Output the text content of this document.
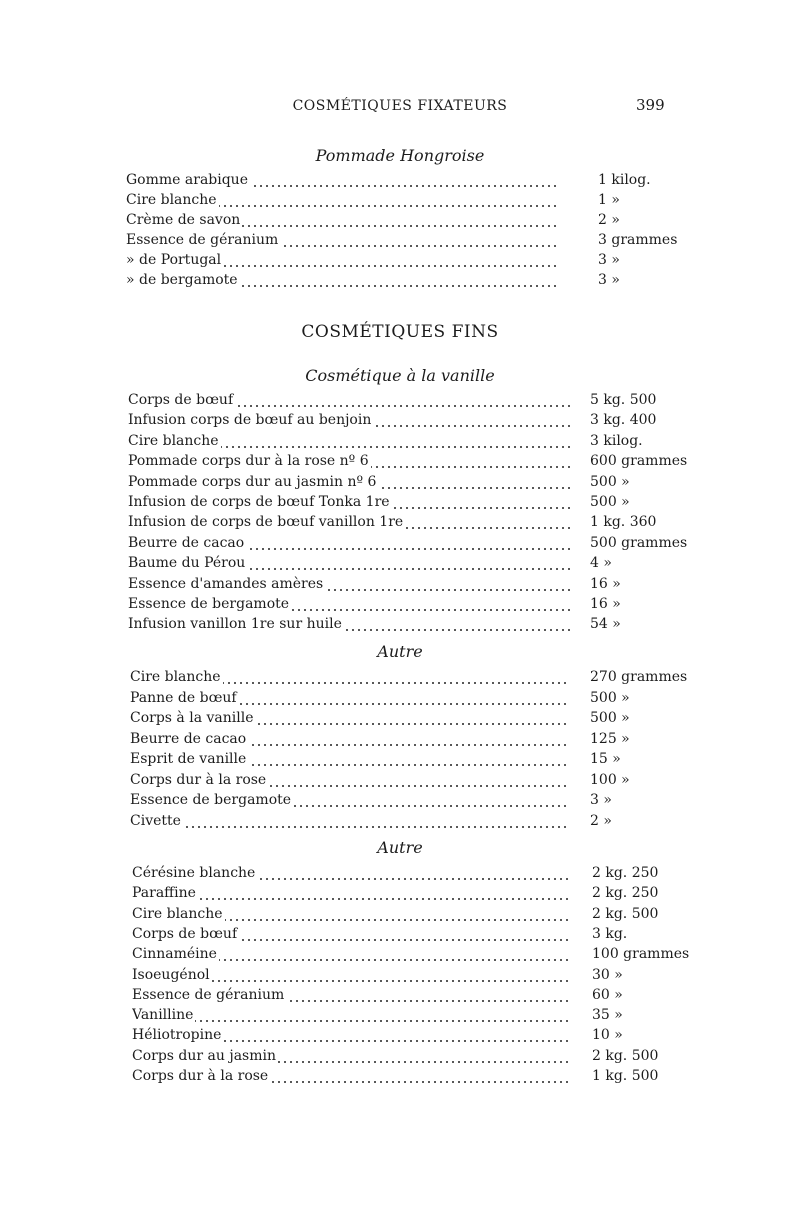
COSMÉTIQUES FIXATEURS	399
Pommade Hongroise
Gomme arabique	1 kilog.
Cire blanche	1 »
Crème de savon	2 »
Essence de géranium	3 grammes
» de Portugal	3 »
» de bergamote	3 »
COSMÉTIQUES FINS
Cosmétique à la vanille
Corps de bœuf	5 kg. 500
Infusion corps de bœuf au benjoin	3 kg. 400
Cire blanche	3 kilog.
Pommade corps dur à la rose nº 6	600 grammes
Pommade corps dur au jasmin nº 6	500 »
Infusion de corps de bœuf Tonka 1re	500 »
Infusion de corps de bœuf vanillon 1re	1 kg. 360
Beurre de cacao	500 grammes
Baume du Pérou	4 »
Essence d'amandes amères	16 »
Essence de bergamote	16 »
Infusion vanillon 1re sur huile	54 »
Autre
Cire blanche	270 grammes
Panne de bœuf	500 »
Corps à la vanille	500 »
Beurre de cacao	125 »
Esprit de vanille	15 »
Corps dur à la rose	100 »
Essence de bergamote	3 »
Civette	2 »
Autre
Cérésine blanche	2 kg. 250
Paraffine	2 kg. 250
Cire blanche	2 kg. 500
Corps de bœuf	3 kg.
Cinnaméine	100 grammes
Isoeugénol	30 »
Essence de géranium	60 »
Vanilline	35 »
Héliotropine	10 »
Corps dur au jasmin	2 kg. 500
Corps dur à la rose	1 kg. 500
